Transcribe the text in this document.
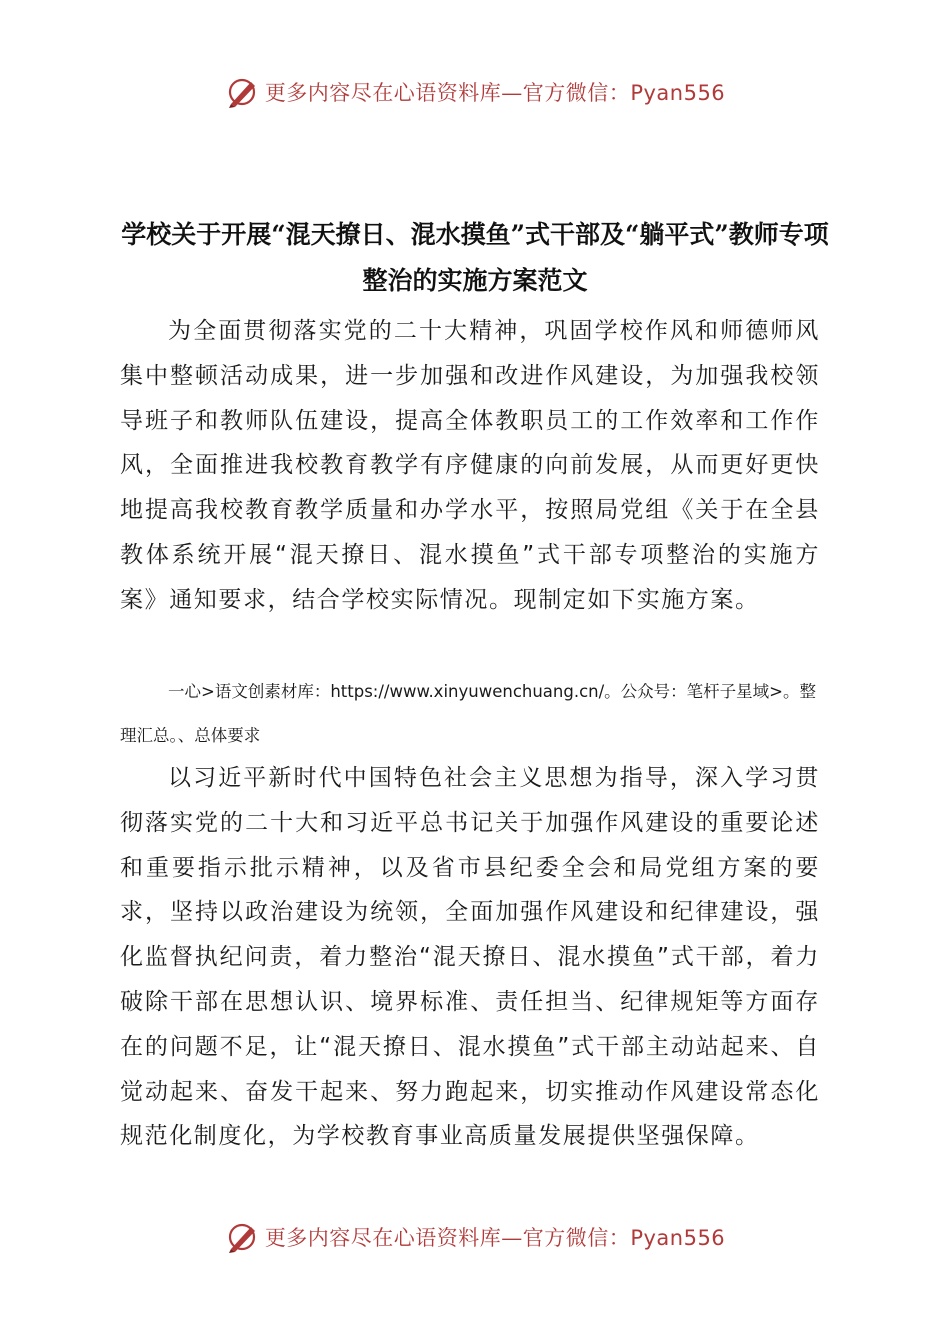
更多内容尽在心语资料库—官方微信：Pyan556
学校关于开展“混天撩日、混水摸鱼”式干部及“躺平式”教师专项整治的实施方案范文

为全面贯彻落实党的二十大精神，巩固学校作风和师德师风集中整顿活动成果，进一步加强和改进作风建设，为加强我校领导班子和教师队伍建设，提高全体教职员工的工作效率和工作作风，全面推进我校教育教学有序健康的向前发展，从而更好更快地提高我校教育教学质量和办学水平，按照局党组《关于在全县教体系统开展“混天撩日、混水摸鱼”式干部专项整治的实施方案》通知要求，结合学校实际情况。现制定如下实施方案。

一心>语文创素材库：https://www.xinyuwenchuang.cn/。公众号：笔杆子星域>。整理汇总。、总体要求

以习近平新时代中国特色社会主义思想为指导，深入学习贯彻落实党的二十大和习近平总书记关于加强作风建设的重要论述和重要指示批示精神，以及省市县纪委全会和局党组方案的要求，坚持以政治建设为统领，全面加强作风建设和纪律建设，强化监督执纪问责，着力整治“混天撩日、混水摸鱼”式干部，着力破除干部在思想认识、境界标准、责任担当、纪律规矩等方面存在的问题不足，让“混天撩日、混水摸鱼”式干部主动站起来、自觉动起来、奋发干起来、努力跑起来，切实推动作风建设常态化规范化制度化，为学校教育事业高质量发展提供坚强保障。

更多内容尽在心语资料库—官方微信：Pyan556
